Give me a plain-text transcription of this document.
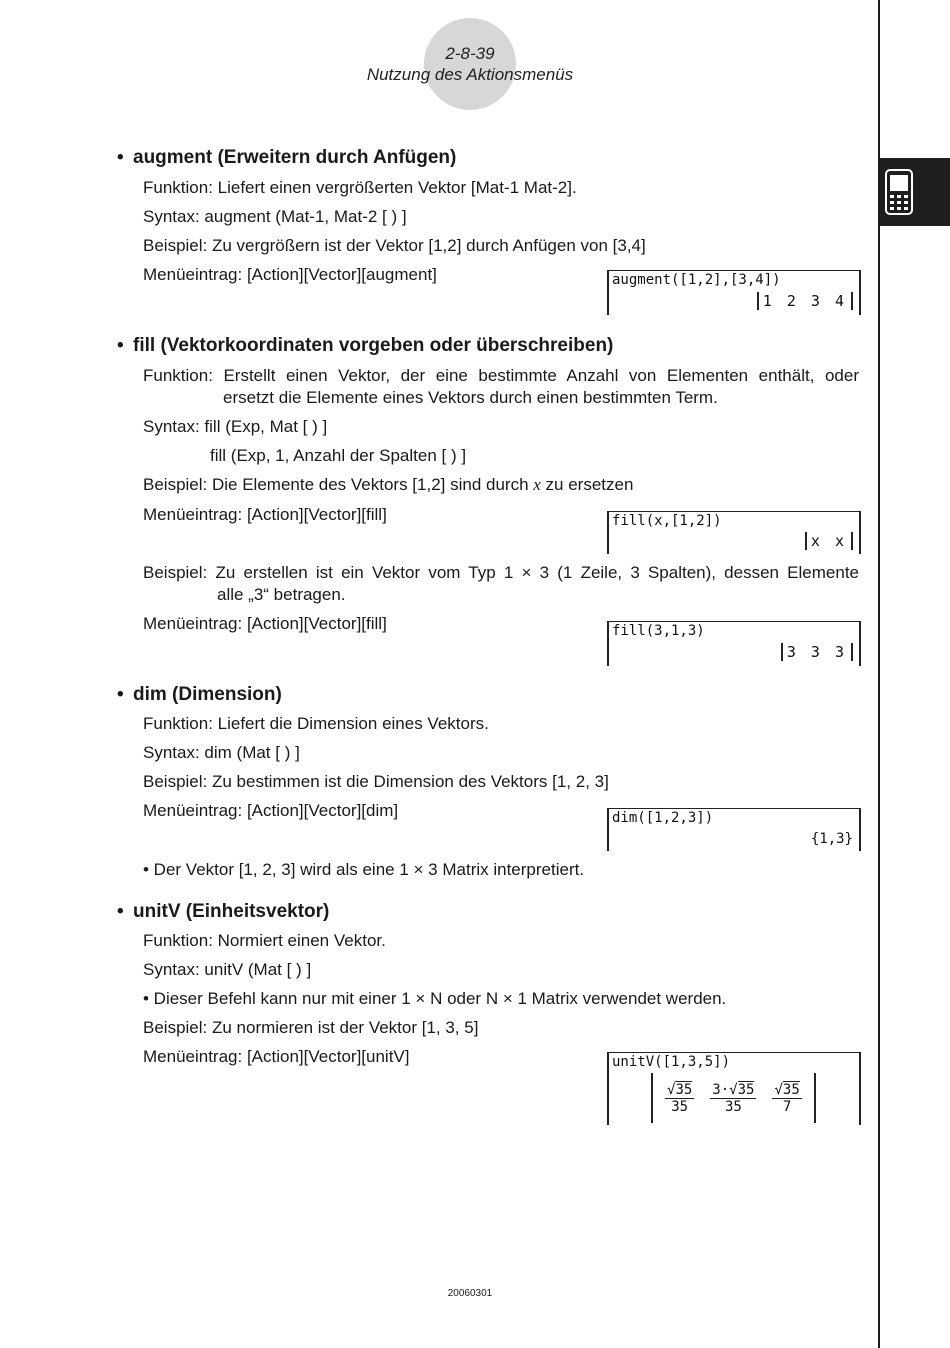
2-8-39
Nutzung des Aktionsmenüs
• augment (Erweitern durch Anfügen)
Funktion: Liefert einen vergrößerten Vektor [Mat-1 Mat-2].
Syntax: augment (Mat-1, Mat-2 [ ) ]
Beispiel: Zu vergrößern ist der Vektor [1,2] durch Anfügen von [3,4]
Menüeintrag: [Action][Vector][augment]	augment([1,2],[3,4])
1 2 3 4
• fill (Vektorkoordinaten vorgeben oder überschreiben)
Funktion: Erstellt einen Vektor, der eine bestimmte Anzahl von Elementen enthält, oder
ersetzt die Elemente eines Vektors durch einen bestimmten Term.
Syntax: fill (Exp, Mat [ ) ]
fill (Exp, 1, Anzahl der Spalten [ ) ]
Beispiel: Die Elemente des Vektors [1,2] sind durch x zu ersetzen
Menüeintrag: [Action][Vector][fill]	fill(x,[1,2])
x x
Beispiel: Zu erstellen ist ein Vektor vom Typ 1 × 3 (1 Zeile, 3 Spalten), dessen Elemente
alle „3“ betragen.
Menüeintrag: [Action][Vector][fill]	fill(3,1,3)
3 3 3
• dim (Dimension)
Funktion: Liefert die Dimension eines Vektors.
Syntax: dim (Mat [ ) ]
Beispiel: Zu bestimmen ist die Dimension des Vektors [1, 2, 3]
Menüeintrag: [Action][Vector][dim]	dim([1,2,3])
{1,3}
• Der Vektor [1, 2, 3] wird als eine 1 × 3 Matrix interpretiert.
• unitV (Einheitsvektor)
Funktion: Normiert einen Vektor.
Syntax: unitV (Mat [ ) ]
• Dieser Befehl kann nur mit einer 1 × N oder N × 1 Matrix verwendet werden.
Beispiel: Zu normieren ist der Vektor [1, 3, 5]
Menüeintrag: [Action][Vector][unitV]	unitV([1,3,5])
$\frac{√35}{35} \frac{3\cdot√35}{35} \frac{√35}{7}$
20060301
